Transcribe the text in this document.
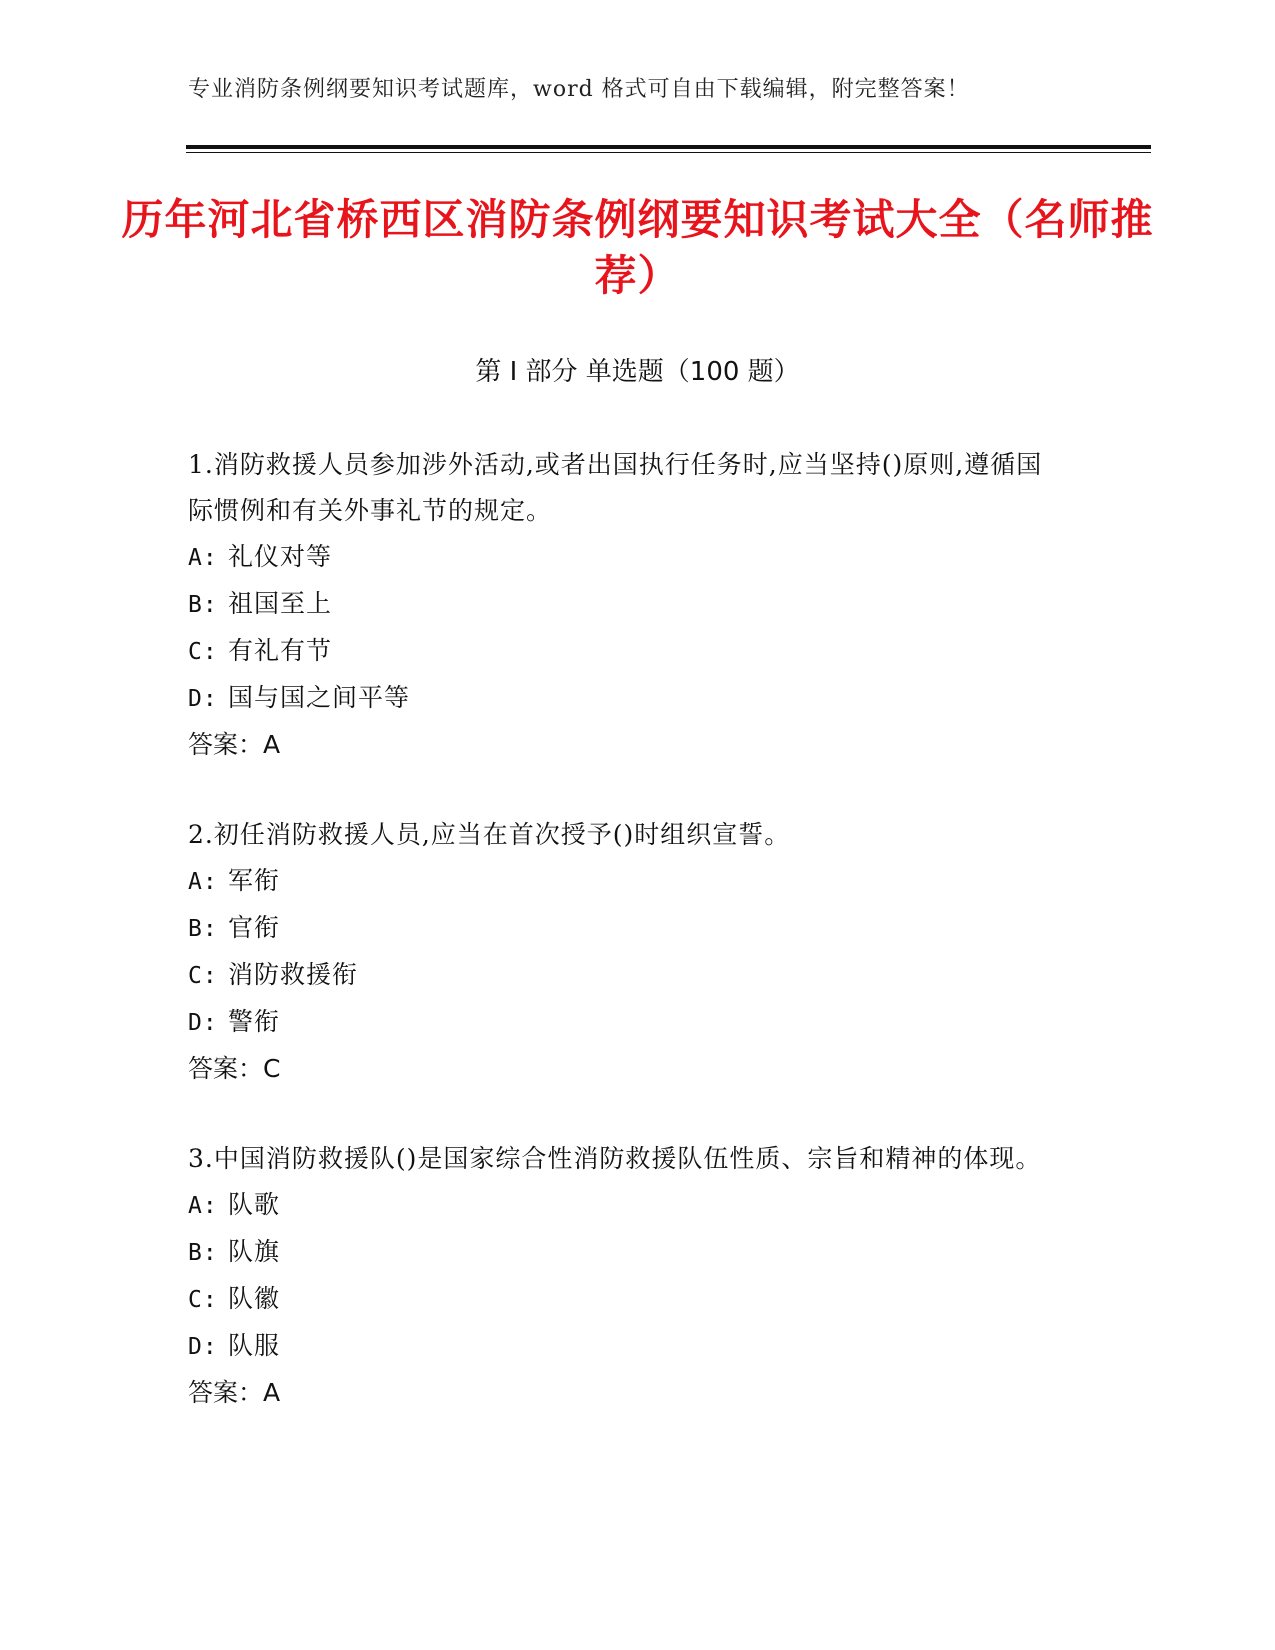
专业消防条例纲要知识考试题库，word 格式可自由下载编辑，附完整答案！
历年河北省桥西区消防条例纲要知识考试大全（名师推荐）
第 I 部分 单选题（100 题）

1.消防救援人员参加涉外活动,或者出国执行任务时,应当坚持()原则,遵循国际惯例和有关外事礼节的规定。

A: 礼仪对等

B: 祖国至上

C: 有礼有节

D: 国与国之间平等

答案：A

2.初任消防救援人员,应当在首次授予()时组织宣誓。

A: 军衔

B: 官衔

C: 消防救援衔

D: 警衔

答案：C

3.中国消防救援队()是国家综合性消防救援队伍性质、宗旨和精神的体现。

A: 队歌

B: 队旗

C: 队徽

D: 队服

答案：A
